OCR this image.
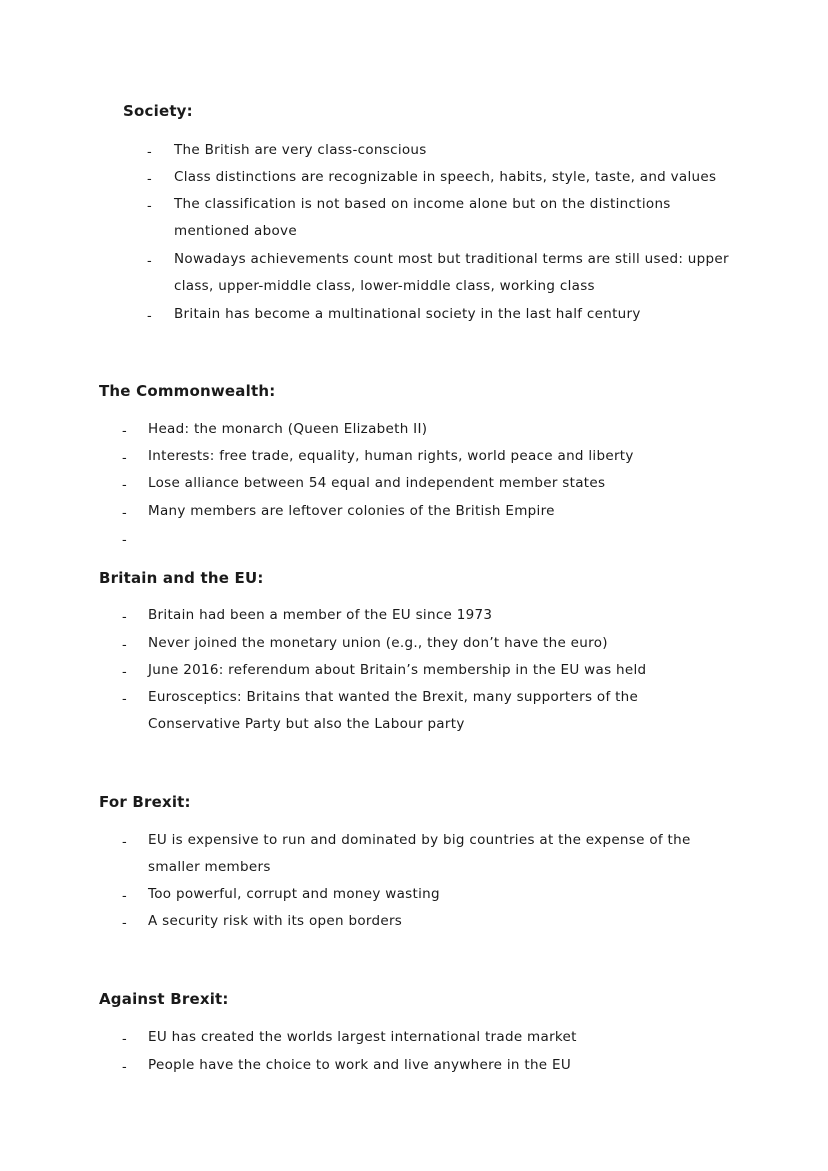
Society:
-	The British are very class-conscious
-	Class distinctions are recognizable in speech, habits, style, taste, and values
-	The classification is not based on income alone but on the distinctions
mentioned above
-	Nowadays achievements count most but traditional terms are still used: upper
class, upper-middle class, lower-middle class, working class
-	Britain has become a multinational society in the last half century
The Commonwealth:
-	Head: the monarch (Queen Elizabeth II)
-	Interests: free trade, equality, human rights, world peace and liberty
-	Lose alliance between 54 equal and independent member states
-	Many members are leftover colonies of the British Empire
-
Britain and the EU:
-	Britain had been a member of the EU since 1973
-	Never joined the monetary union (e.g., they don’t have the euro)
-	June 2016: referendum about Britain’s membership in the EU was held
-	Eurosceptics: Britains that wanted the Brexit, many supporters of the
Conservative Party but also the Labour party
For Brexit:
-	EU is expensive to run and dominated by big countries at the expense of the
smaller members
-	Too powerful, corrupt and money wasting
-	A security risk with its open borders
Against Brexit:
-	EU has created the worlds largest international trade market
-	People have the choice to work and live anywhere in the EU
